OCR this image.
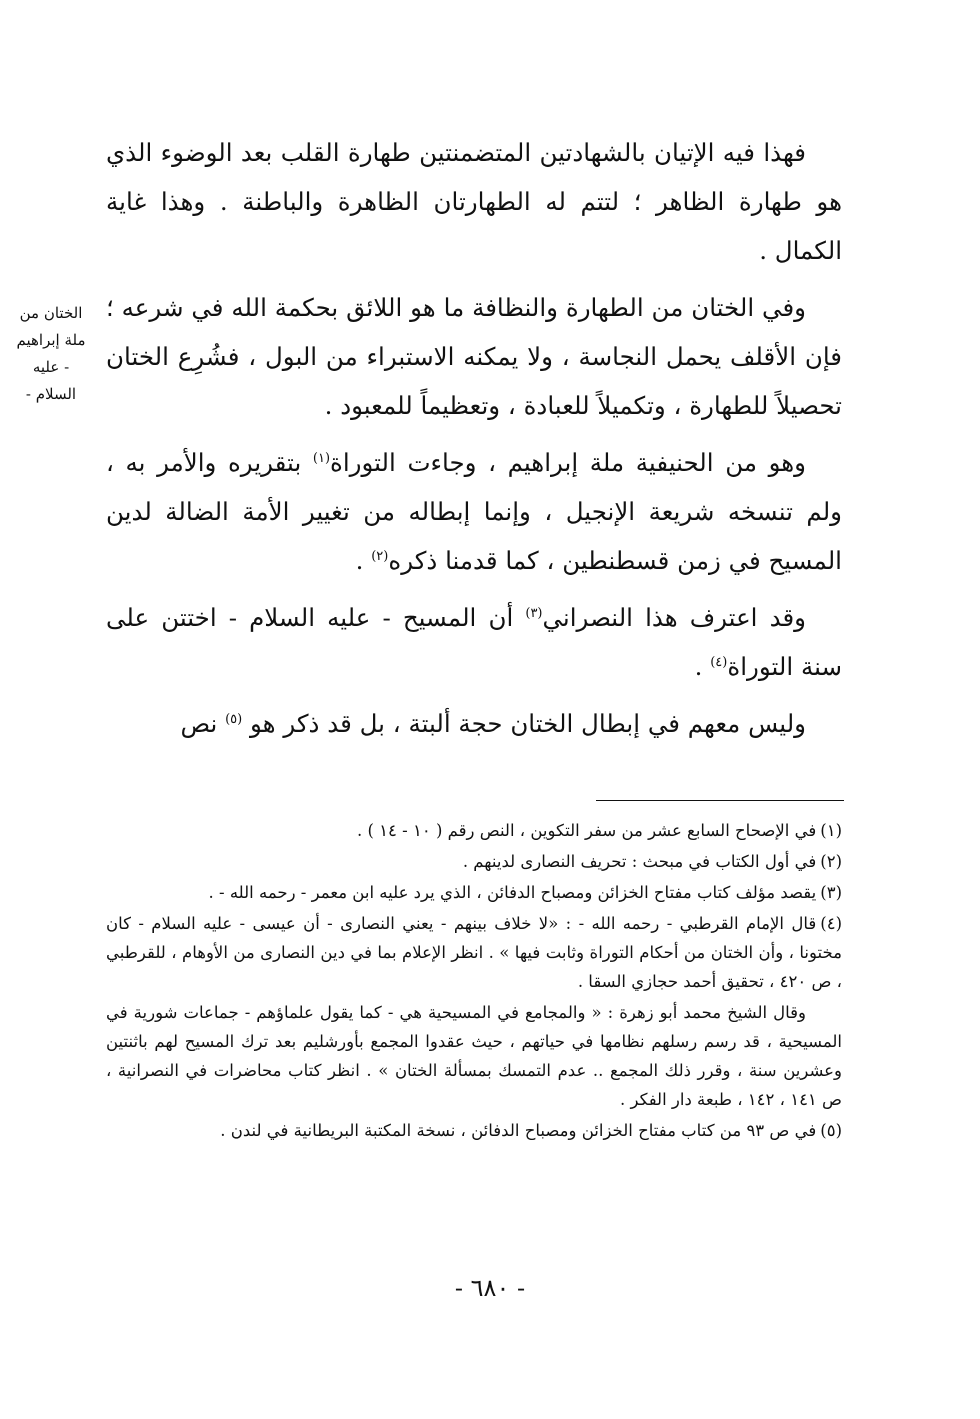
فهذا فيه الإتيان بالشهادتين المتضمنتين طهارة القلب بعد الوضوء الذي هو طهارة الظاهر ؛ لتتم له الطهارتان الظاهرة والباطنة . وهذا غاية الكمال .

وفي الختان من الطهارة والنظافة ما هو اللائق بحكمة الله في شرعه ؛ فإن الأقلف يحمل النجاسة ، ولا يمكنه الاستبراء من البول ، فشُرِع الختان تحصيلاً للطهارة ، وتكميلاً للعبادة ، وتعظيماً للمعبود .

وهو من الحنيفية ملة إبراهيم ، وجاءت التوراة$^{(١)}$ بتقريره والأمر به ، ولم تنسخه شريعة الإنجيل ، وإنما إبطاله من تغيير الأمة الضالة لدين المسيح في زمن قسطنطين ، كما قدمنا ذكره$^{(٢)}$ .

وقد اعترف هذا النصراني$^{(٣)}$ أن المسيح - عليه السلام - اختتن على سنة التوراة$^{(٤)}$ .

وليس معهم في إبطال الختان حجة ألبتة ، بل قد ذكر هو $^{(٥)}$ نص

الختان من
ملة إبراهيم
- عليه
السلام -

(١)في الإصحاح السابع عشر من سفر التكوين ، النص رقم ( ١٠ - ١٤ ) .

(٢)في أول الكتاب في مبحث : تحريف النصارى لدينهم .

(٣)يقصد مؤلف كتاب مفتاح الخزائن ومصباح الدفائن ، الذي يرد عليه ابن معمر - رحمه الله - .

(٤)قال الإمام القرطبي - رحمه الله - : «لا خلاف بينهم - يعني النصارى - أن عيسى - عليه السلام - كان مختونا ، وأن الختان من أحكام التوراة وثابت فيها » . انظر الإعلام بما في دين النصارى من الأوهام ، للقرطبي ، ص ٤٢٠ ، تحقيق أحمد حجازي السقا .

وقال الشيخ محمد أبو زهرة : « والمجامع في المسيحية هي - كما يقول علماؤهم - جماعات شورية في المسيحية ، قد رسم رسلهم نظامها في حياتهم ، حيث عقدوا المجمع بأورشليم بعد ترك المسيح لهم باثنتين وعشرين سنة ، وقرر ذلك المجمع .. عدم التمسك بمسألة الختان » . انظر كتاب محاضرات في النصرانية ، ص ١٤١ ، ١٤٢ ، طبعة دار الفكر .

(٥)في ص ٩٣ من كتاب مفتاح الخزائن ومصباح الدفائن ، نسخة المكتبة البريطانية في لندن .

- ٦٨٠ -
